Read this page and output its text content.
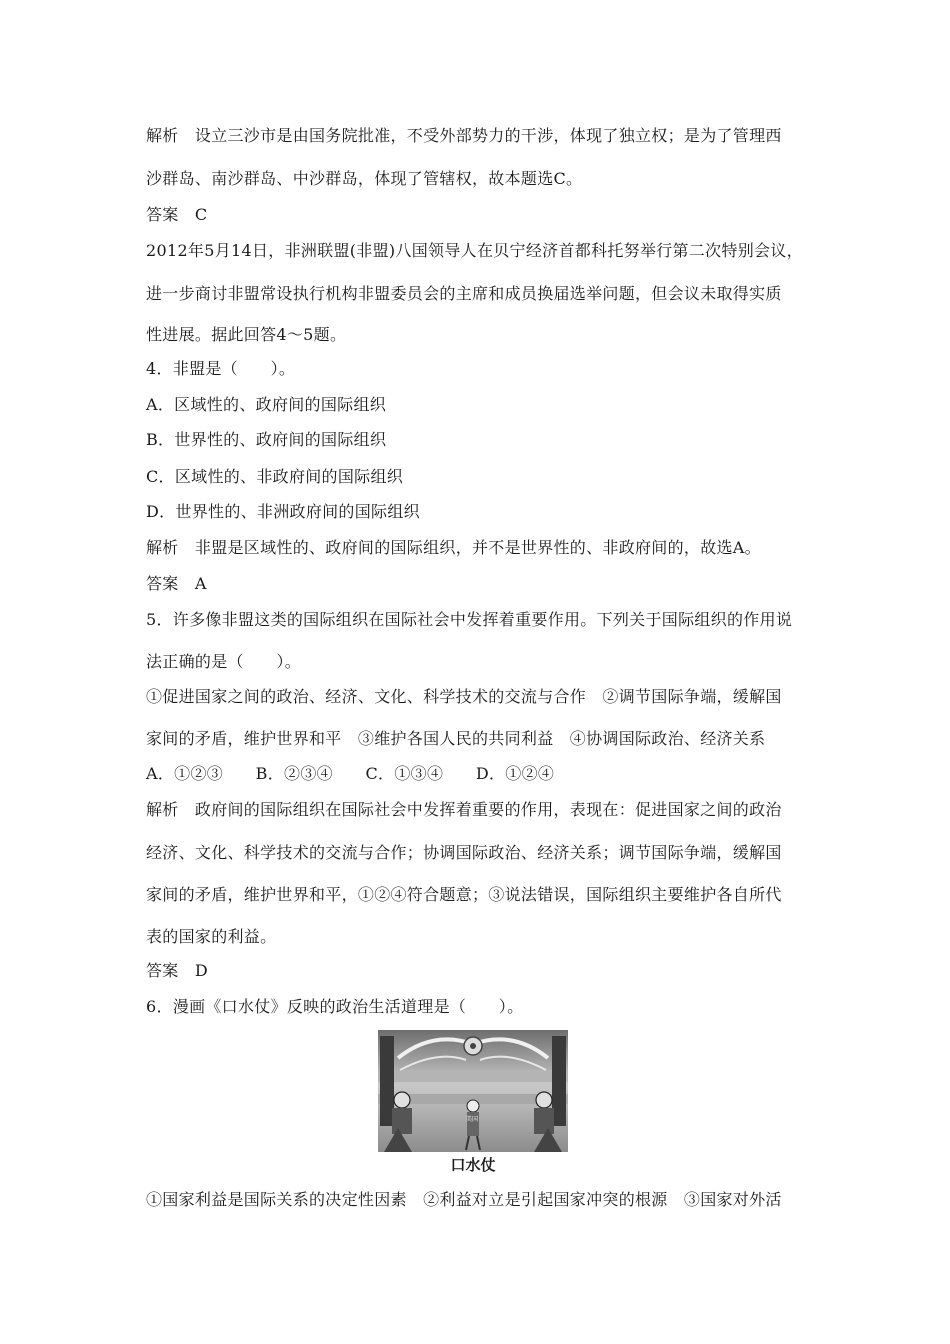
解析　设立三沙市是由国务院批准，不受外部势力的干涉，体现了独立权；是为了管理西
沙群岛、南沙群岛、中沙群岛，体现了管辖权，故本题选C。
答案　C
2012年5月14日，非洲联盟(非盟)八国领导人在贝宁经济首都科托努举行第二次特别会议，
进一步商讨非盟常设执行机构非盟委员会的主席和成员换届选举问题，但会议未取得实质
性进展。据此回答4～5题。
4．非盟是（　　）。
A．区域性的、政府间的国际组织
B．世界性的、政府间的国际组织
C．区域性的、非政府间的国际组织
D．世界性的、非洲政府间的国际组织
解析　非盟是区域性的、政府间的国际组织，并不是世界性的、非政府间的，故选A。
答案　A
5．许多像非盟这类的国际组织在国际社会中发挥着重要作用。下列关于国际组织的作用说
法正确的是（　　）。
①促进国家之间的政治、经济、文化、科学技术的交流与合作　②调节国际争端，缓解国
家间的矛盾，维护世界和平　③维护各国人民的共同利益　④协调国际政治、经济关系
A．①②③　　B．②③④　　C．①③④　　D．①②④
解析　政府间的国际组织在国际社会中发挥着重要的作用，表现在：促进国家之间的政治
经济、文化、科学技术的交流与合作；协调国际政治、经济关系；调节国际争端，缓解国
家间的矛盾，维护世界和平，①②④符合题意；③说法错误，国际组织主要维护各自所代
表的国家的利益。
答案　D
6．漫画《口水仗》反映的政治生活道理是（　　）。
美国
口水仗
①国家利益是国际关系的决定性因素　②利益对立是引起国家冲突的根源　③国家对外活
